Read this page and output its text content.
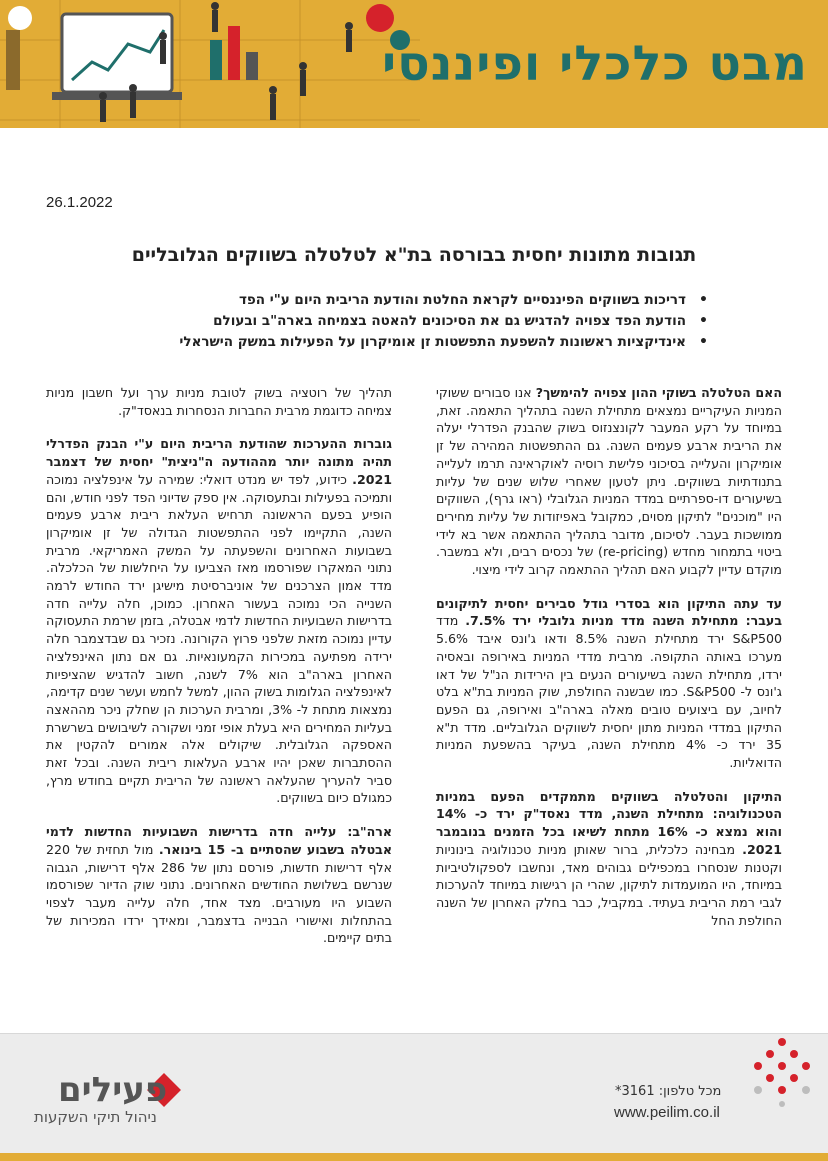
מבט כלכלי ופיננסי
26.1.2022
תגובות מתונות יחסית בבורסה בת"א לטלטלה בשווקים הגלובליים
• דריכות בשווקים הפיננסיים לקראת החלטת והודעת הריבית היום ע"י הפד
• הודעת הפד צפויה להדגיש גם את הסיכונים להאטה בצמיחה בארה"ב ובעולם
• אינדיקציות ראשונות להשפעת התפשטות זן אומיקרון על הפעילות במשק הישראלי

האם הטלטלה בשוקי ההון צפויה להימשך? אנו סבורים ששוקי המניות העיקריים נמצאים מתחילת השנה בתהליך התאמה. זאת, במיוחד על רקע המעבר לקונצנזוס בשוק שהבנק הפדרלי יעלה את הריבית ארבע פעמים השנה. גם ההתפשטות המהירה של זן אומיקרון והעלייה בסיכוני פלישת רוסיה לאוקראינה תרמו לעלייה בתנודתיות בשווקים. ניתן לטעון שאחרי שלוש שנים של עליות בשיעורים דו-ספרתיים במדד המניות הגלובלי (ראו גרף), השווקים היו "מוכנים" לתיקון מסוים, כמקובל באפיזודות של עליות מחירים ממושכות בעבר. לסיכום, מדובר בתהליך ההתאמה אשר בא לידי ביטוי בתמחור מחדש (re-pricing) של נכסים רבים, ולא במשבר. מוקדם עדיין לקבוע האם תהליך ההתאמה קרוב לידי מיצוי.

עד עתה התיקון הוא בסדרי גודל סבירים יחסית לתיקונים בעבר: מתחילת השנה מדד מניות גלובלי ירד 7.5%. מדד S&P500 ירד מתחילת השנה 8.5% ודאו ג'ונס איבד 5.6% מערכו באותה התקופה. מרבית מדדי המניות באירופה ובאסיה ירדו, מתחילת השנה בשיעורים הנעים בין הירידות הנ"ל של דאו ג'ונס ל- S&P500. כמו שבשנה החולפת, שוק המניות בת"א בלט לחיוב, עם ביצועים טובים מאלה בארה"ב ואירופה, גם הפעם התיקון במדדי המניות מתון יחסית לשווקים הגלובליים. מדד ת"א 35 ירד כ- 4% מתחילת השנה, בעיקר בהשפעת המניות הדואליות.

התיקון והטלטלה בשווקים מתמקדים הפעם במניות הטכנולוגיה: מתחילת השנה, מדד נאסד"ק ירד כ- 14% והוא נמצא כ- 16% מתחת לשיאו בכל הזמנים בנובמבר 2021. מבחינה כלכלית, ברור שאותן מניות טכנולוגיה בינוניות וקטנות שנסחרו במכפילים גבוהים מאד, ונחשבו לספקולטיביות במיוחד, היו המועמדות לתיקון, שהרי הן רגישות במיוחד להערכות לגבי רמת הריבית בעתיד. במקביל, כבר בחלק האחרון של השנה החולפת החל

תהליך של רוטציה בשוק לטובת מניות ערך ועל חשבון מניות צמיחה כדוגמת מרבית החברות הנסחרות בנאסד"ק.

גוברות ההערכות שהודעת הריבית היום ע"י הבנק הפדרלי תהיה מתונה יותר מההודעה ה"ניצית" יחסית של דצמבר 2021. כידוע, לפד יש מנדט דואלי: שמירה על אינפלציה נמוכה ותמיכה בפעילות ובתעסוקה. אין ספק שדיוני הפד לפני חודש, והם הופיע בפעם הראשונה תרחיש העלאת ריבית ארבע פעמים השנה, התקיימו לפני ההתפשטות הגדולה של זן אומיקרון בשבועות האחרונים והשפעתה על המשק האמריקאי. מרבית נתוני המאקרו שפורסמו מאז הצביעו על היחלשות של הכלכלה. מדד אמון הצרכנים של אוניברסיטת מישיגן ירד החודש לרמה השנייה הכי נמוכה בעשור האחרון. כמוכן, חלה עלייה חדה בדרישות השבועיות החדשות לדמי אבטלה, בזמן שרמת התעסוקה עדיין נמוכה מזאת שלפני פרוץ הקורונה. נזכיר גם שבדצמבר חלה ירידה מפתיעה במכירות הקמעונאיות. גם אם נתון האינפלציה האחרון בארה"ב הוא 7% לשנה, חשוב להדגיש שהציפיות לאינפלציה הגלומות בשוק ההון, למשל לחמש ועשר שנים קדימה, נמצאות מתחת ל- 3%, ומרבית הערכות הן שחלק ניכר מההאצה בעליות המחירים היא בעלת אופי זמני ושקורה לשיבושים בשרשרת האספקה הגלובלית. שיקולים אלה אמורים להקטין את ההסתברות שאכן יהיו ארבע העלאות ריבית השנה. ובכל זאת סביר להעריך שהעלאה ראשונה של הריבית תקיים בחודש מרץ, כמגולם כיום בשווקים.

ארה"ב: עלייה חדה בדרישות השבועיות החדשות לדמי אבטלה בשבוע שהסתיים ב- 15 בינואר. מול תחזית של 220 אלף דרישות חדשות, פורסם נתון של 286 אלף דרישות, הגבוה שנרשם בשלושת החודשים האחרונים. נתוני שוק הדיור שפורסמו השבוע היו מעורבים. מצד אחד, חלה עלייה מעבר לצפוי בהתחלות ואישורי הבנייה בדצמבר, ומאידך ירדו המכירות של בתים קיימים.

פעילים
ניהול תיקי השקעות
מכל טלפון: 3161*
www.peilim.co.il
